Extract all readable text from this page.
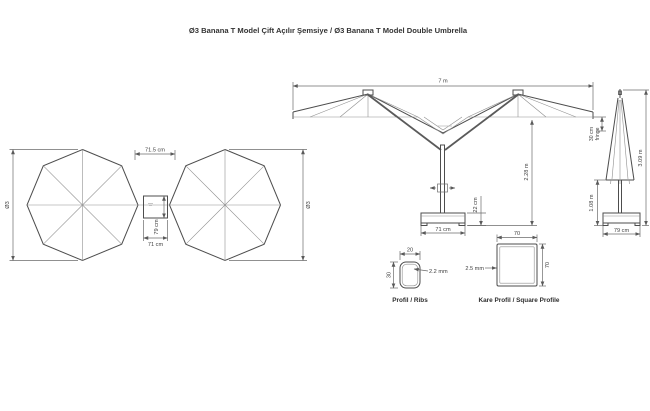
Ø3 Banana T Model Çift Açılır Şemsiye / Ø3 Banana T Model Double Umbrella
Ø3	Ø3
71.5 cm
79 cm
71 cm
7 m
71 cm
22 cm
2.28 m
30 cm fringe
79 cm
3.09 m
1.08 m
20
30	2.2 mm
Profil / Ribs
70
70
2.5 mm
Kare Profil / Square Profile
